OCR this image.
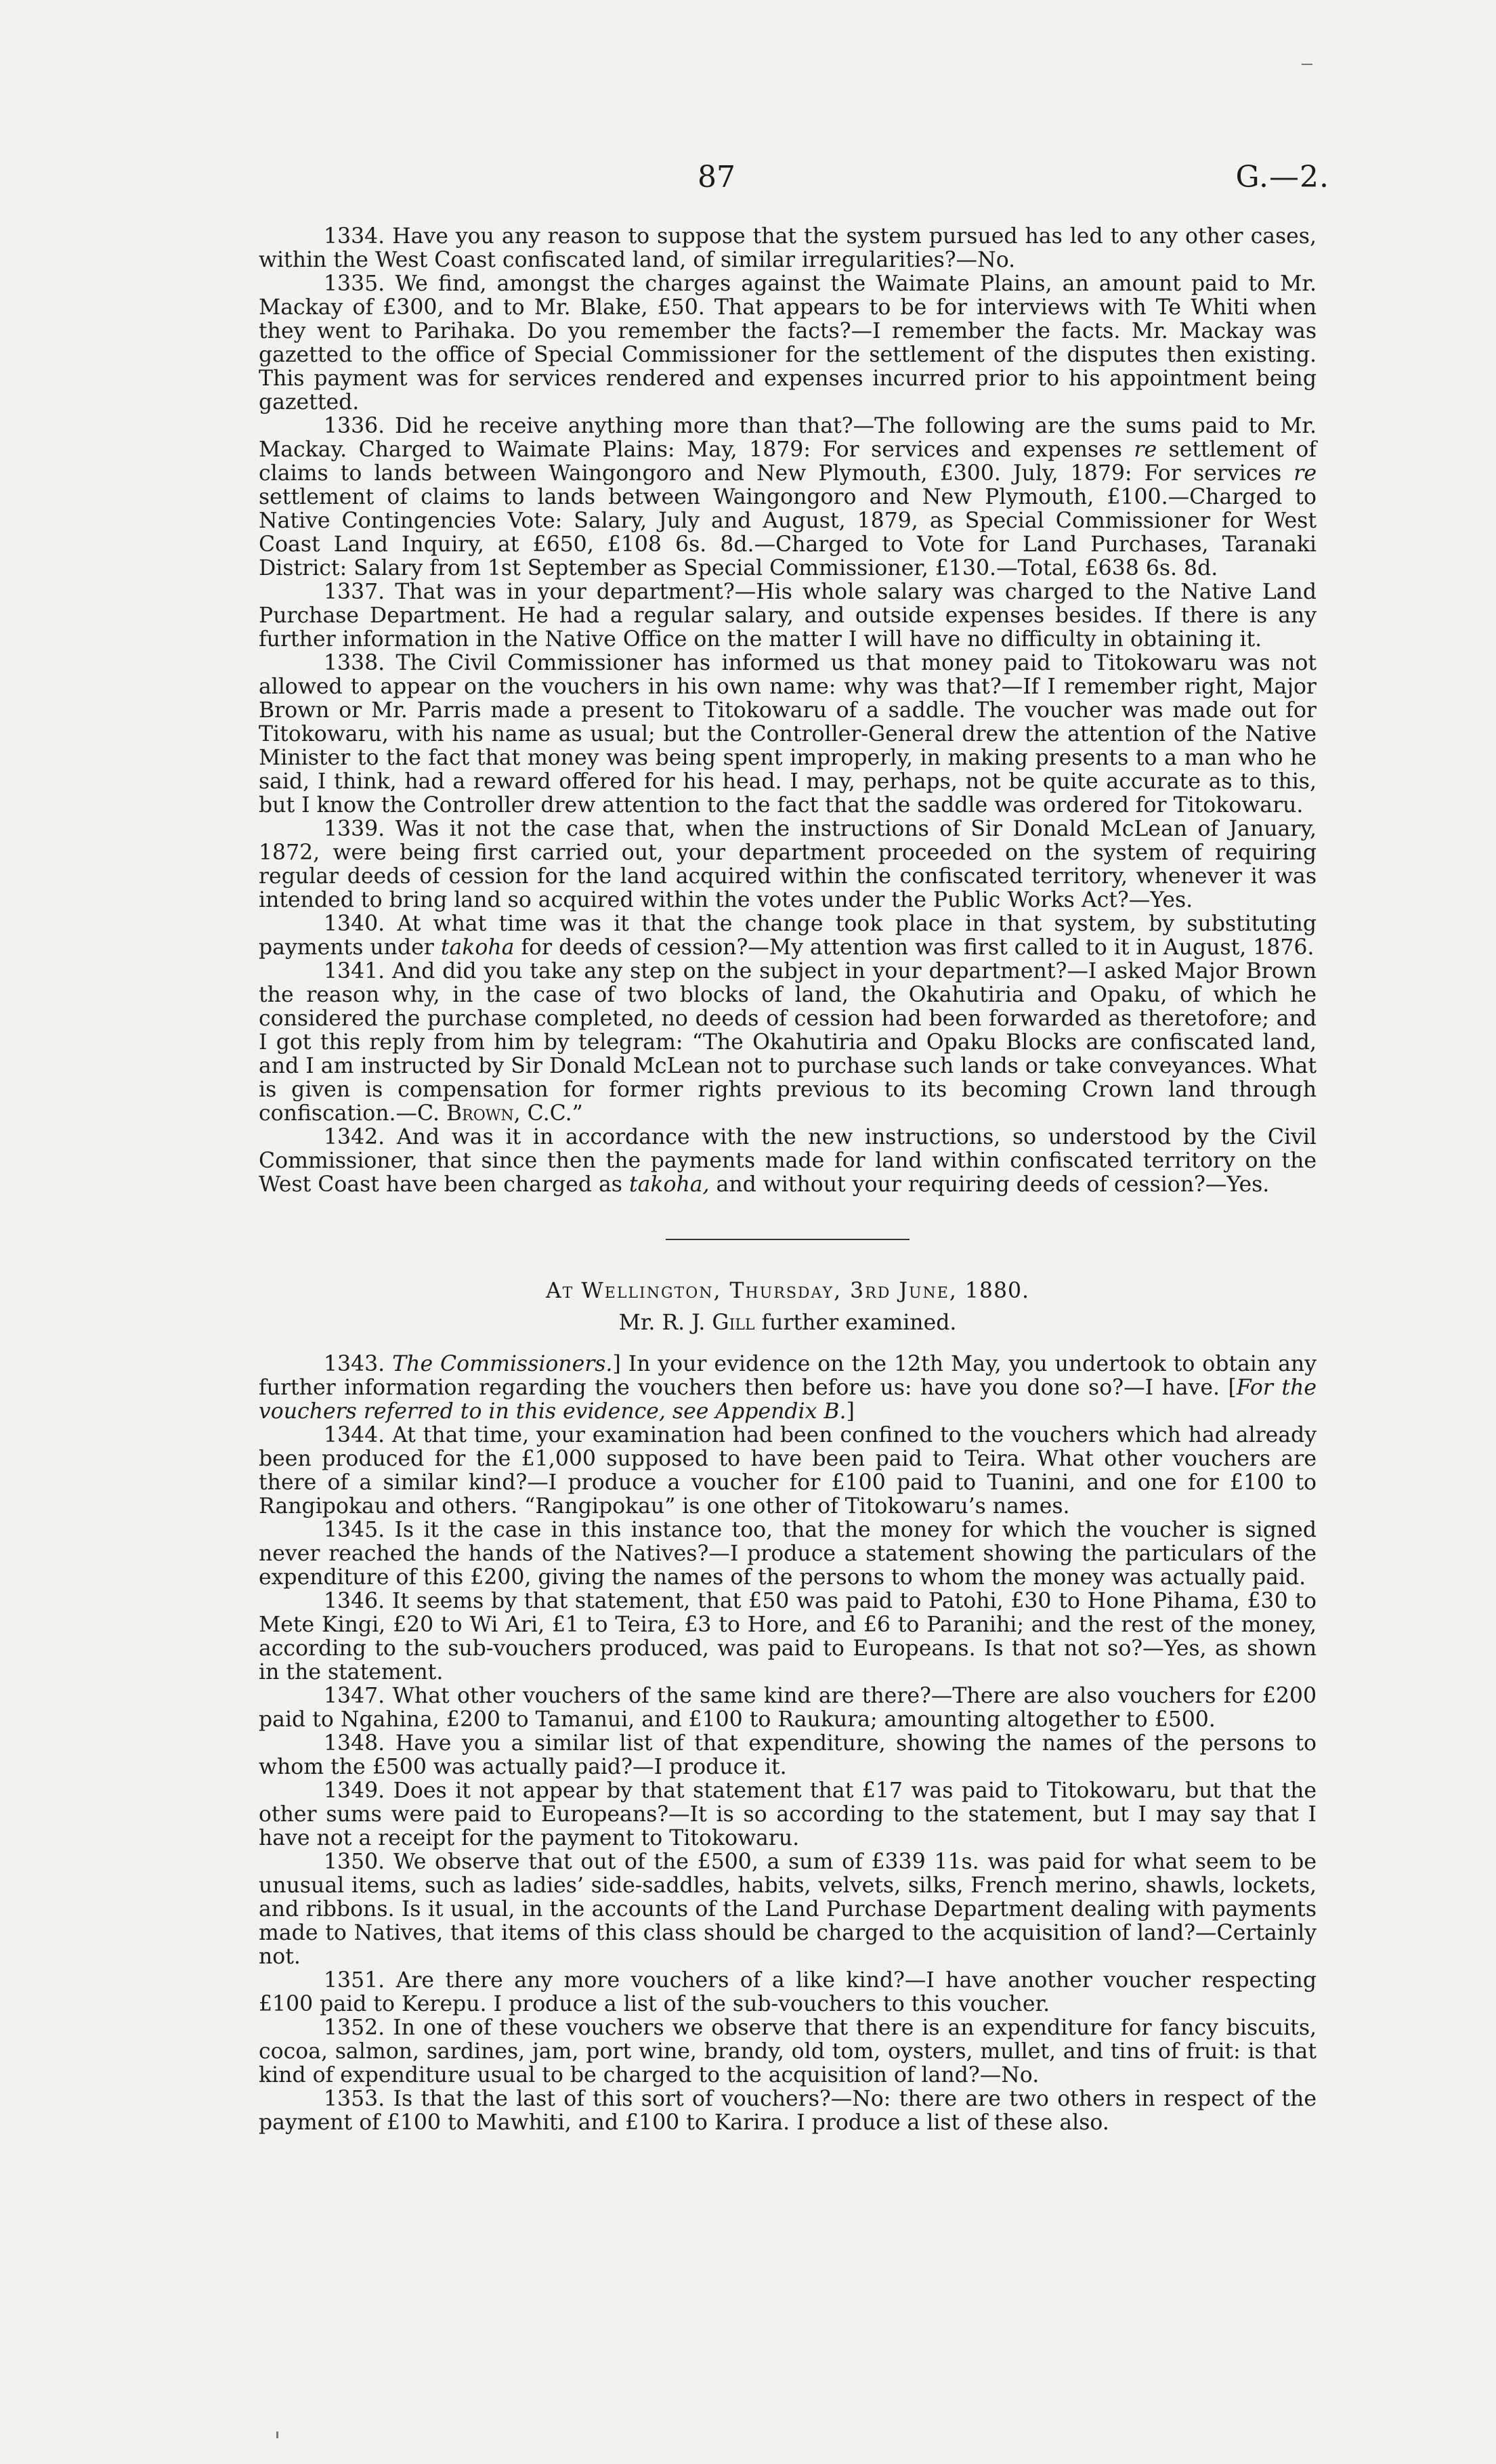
87	G.—2.

1334. Have you any reason to suppose that the system pursued has led to any other cases, within the West Coast confiscated land, of similar irregularities?—No.

1335. We find, amongst the charges against the Waimate Plains, an amount paid to Mr. Mackay of £300, and to Mr. Blake, £50. That appears to be for interviews with Te Whiti when they went to Parihaka. Do you remember the facts?—I remember the facts. Mr. Mackay was gazetted to the office of Special Commissioner for the settlement of the disputes then existing. This payment was for services rendered and expenses incurred prior to his appointment being gazetted.

1336. Did he receive anything more than that?—The following are the sums paid to Mr. Mackay. Charged to Waimate Plains: May, 1879: For services and expenses re settlement of claims to lands between Waingongoro and New Plymouth, £300. July, 1879: For services re settlement of claims to lands between Waingongoro and New Plymouth, £100.—Charged to Native Contingencies Vote: Salary, July and August, 1879, as Special Commissioner for West Coast Land Inquiry, at £650, £108 6s. 8d.—Charged to Vote for Land Purchases, Taranaki District: Salary from 1st September as Special Commissioner, £130.—Total, £638 6s. 8d.

1337. That was in your department?—His whole salary was charged to the Native Land Purchase Department. He had a regular salary, and outside expenses besides. If there is any further information in the Native Office on the matter I will have no difficulty in obtaining it.

1338. The Civil Commissioner has informed us that money paid to Titokowaru was not allowed to appear on the vouchers in his own name: why was that?—If I remember right, Major Brown or Mr. Parris made a present to Titokowaru of a saddle. The voucher was made out for Titokowaru, with his name as usual; but the Controller-General drew the attention of the Native Minister to the fact that money was being spent improperly, in making presents to a man who he said, I think, had a reward offered for his head. I may, perhaps, not be quite accurate as to this, but I know the Controller drew attention to the fact that the saddle was ordered for Titokowaru.

1339. Was it not the case that, when the instructions of Sir Donald McLean of January, 1872, were being first carried out, your department proceeded on the system of requiring regular deeds of cession for the land acquired within the confiscated territory, whenever it was intended to bring land so acquired within the votes under the Public Works Act?—Yes.

1340. At what time was it that the change took place in that system, by substituting payments under takoha for deeds of cession?—My attention was first called to it in August, 1876.

1341. And did you take any step on the subject in your department?—I asked Major Brown the reason why, in the case of two blocks of land, the Okahutiria and Opaku, of which he considered the purchase completed, no deeds of cession had been forwarded as theretofore; and I got this reply from him by telegram: “The Okahutiria and Opaku Blocks are confiscated land, and I am instructed by Sir Donald McLean not to purchase such lands or take conveyances. What is given is compensation for former rights previous to its becoming Crown land through confiscation.—C. Brown, C.C.”

1342. And was it in accordance with the new instructions, so understood by the Civil Commissioner, that since then the payments made for land within confiscated territory on the West Coast have been charged as takoha, and without your requiring deeds of cession?—Yes.

At Wellington, Thursday, 3rd June, 1880.
Mr. R. J. Gill further examined.

1343. The Commissioners.] In your evidence on the 12th May, you undertook to obtain any further information regarding the vouchers then before us: have you done so?—I have. [For the vouchers referred to in this evidence, see Appendix B.]

1344. At that time, your examination had been confined to the vouchers which had already been produced for the £1,000 supposed to have been paid to Teira. What other vouchers are there of a similar kind?—I produce a voucher for £100 paid to Tuanini, and one for £100 to Rangipokau and others. “Rangipokau” is one other of Titokowaru’s names.

1345. Is it the case in this instance too, that the money for which the voucher is signed never reached the hands of the Natives?—I produce a statement showing the particulars of the expenditure of this £200, giving the names of the persons to whom the money was actually paid.

1346. It seems by that statement, that £50 was paid to Patohi, £30 to Hone Pihama, £30 to Mete Kingi, £20 to Wi Ari, £1 to Teira, £3 to Hore, and £6 to Paranihi; and the rest of the money, according to the sub-vouchers produced, was paid to Europeans. Is that not so?—Yes, as shown in the statement.

1347. What other vouchers of the same kind are there?—There are also vouchers for £200 paid to Ngahina, £200 to Tamanui, and £100 to Raukura; amounting altogether to £500.

1348. Have you a similar list of that expenditure, showing the names of the persons to whom the £500 was actually paid?—I produce it.

1349. Does it not appear by that statement that £17 was paid to Titokowaru, but that the other sums were paid to Europeans?—It is so according to the statement, but I may say that I have not a receipt for the payment to Titokowaru.

1350. We observe that out of the £500, a sum of £339 11s. was paid for what seem to be unusual items, such as ladies’ side-saddles, habits, velvets, silks, French merino, shawls, lockets, and ribbons. Is it usual, in the accounts of the Land Purchase Department dealing with payments made to Natives, that items of this class should be charged to the acquisition of land?—Certainly not.

1351. Are there any more vouchers of a like kind?—I have another voucher respecting £100 paid to Kerepu. I produce a list of the sub-vouchers to this voucher.

1352. In one of these vouchers we observe that there is an expenditure for fancy biscuits, cocoa, salmon, sardines, jam, port wine, brandy, old tom, oysters, mullet, and tins of fruit: is that kind of expenditure usual to be charged to the acquisition of land?—No.

1353. Is that the last of this sort of vouchers?—No: there are two others in respect of the payment of £100 to Mawhiti, and £100 to Karira. I produce a list of these also.
